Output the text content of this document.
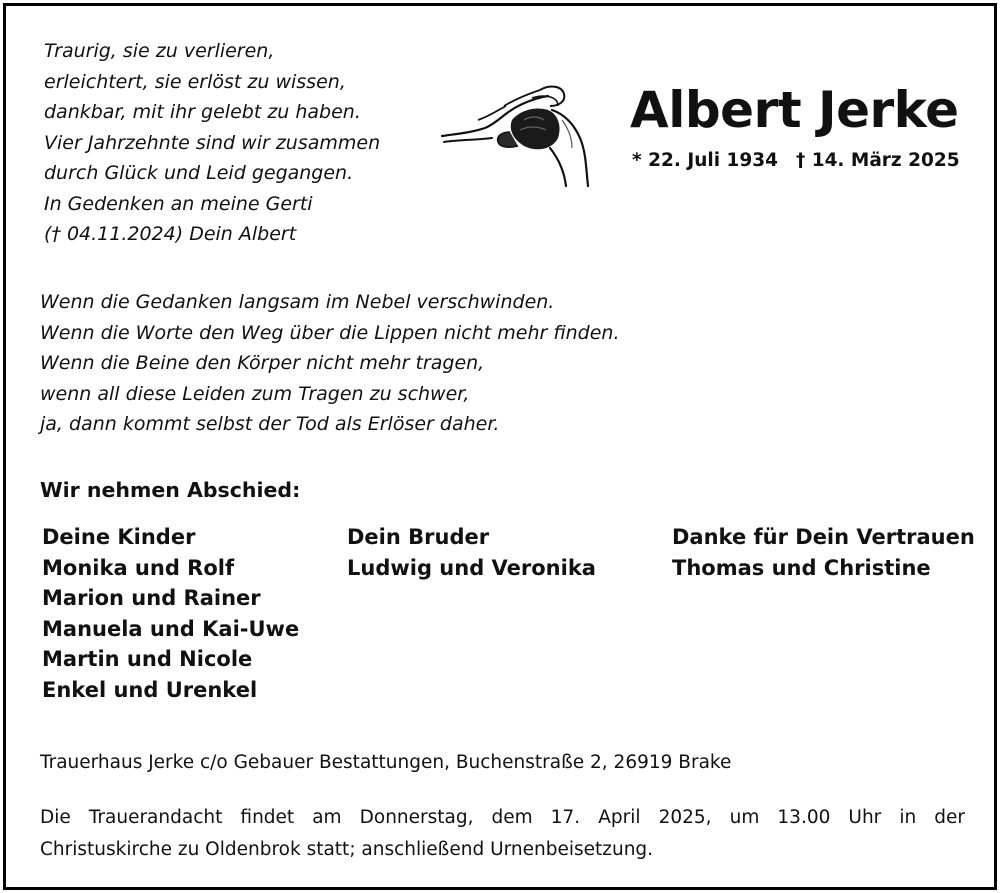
Traurig, sie zu verlieren,
erleichtert, sie erlöst zu wissen,
dankbar, mit ihr gelebt zu haben.
Vier Jahrzehnte sind wir zusammen
durch Glück und Leid gegangen.
In Gedenken an meine Gerti
(† 04.11.2024) Dein Albert
Albert Jerke
* 22. Juli 1934 † 14. März 2025
Wenn die Gedanken langsam im Nebel verschwinden.
Wenn die Worte den Weg über die Lippen nicht mehr finden.
Wenn die Beine den Körper nicht mehr tragen,
wenn all diese Leiden zum Tragen zu schwer,
ja, dann kommt selbst der Tod als Erlöser daher.
Wir nehmen Abschied:
Deine Kinder
Monika und Rolf
Marion und Rainer
Manuela und Kai-Uwe
Martin und Nicole
Enkel und Urenkel
Dein Bruder
Ludwig und Veronika
Danke für Dein Vertrauen
Thomas und Christine
Trauerhaus Jerke c/o Gebauer Bestattungen, Buchenstraße 2, 26919 Brake
Die Trauerandacht findet am Donnerstag, dem 17. April 2025, um 13.00 Uhr in der
Christuskirche zu Oldenbrok statt; anschließend Urnenbeisetzung.
